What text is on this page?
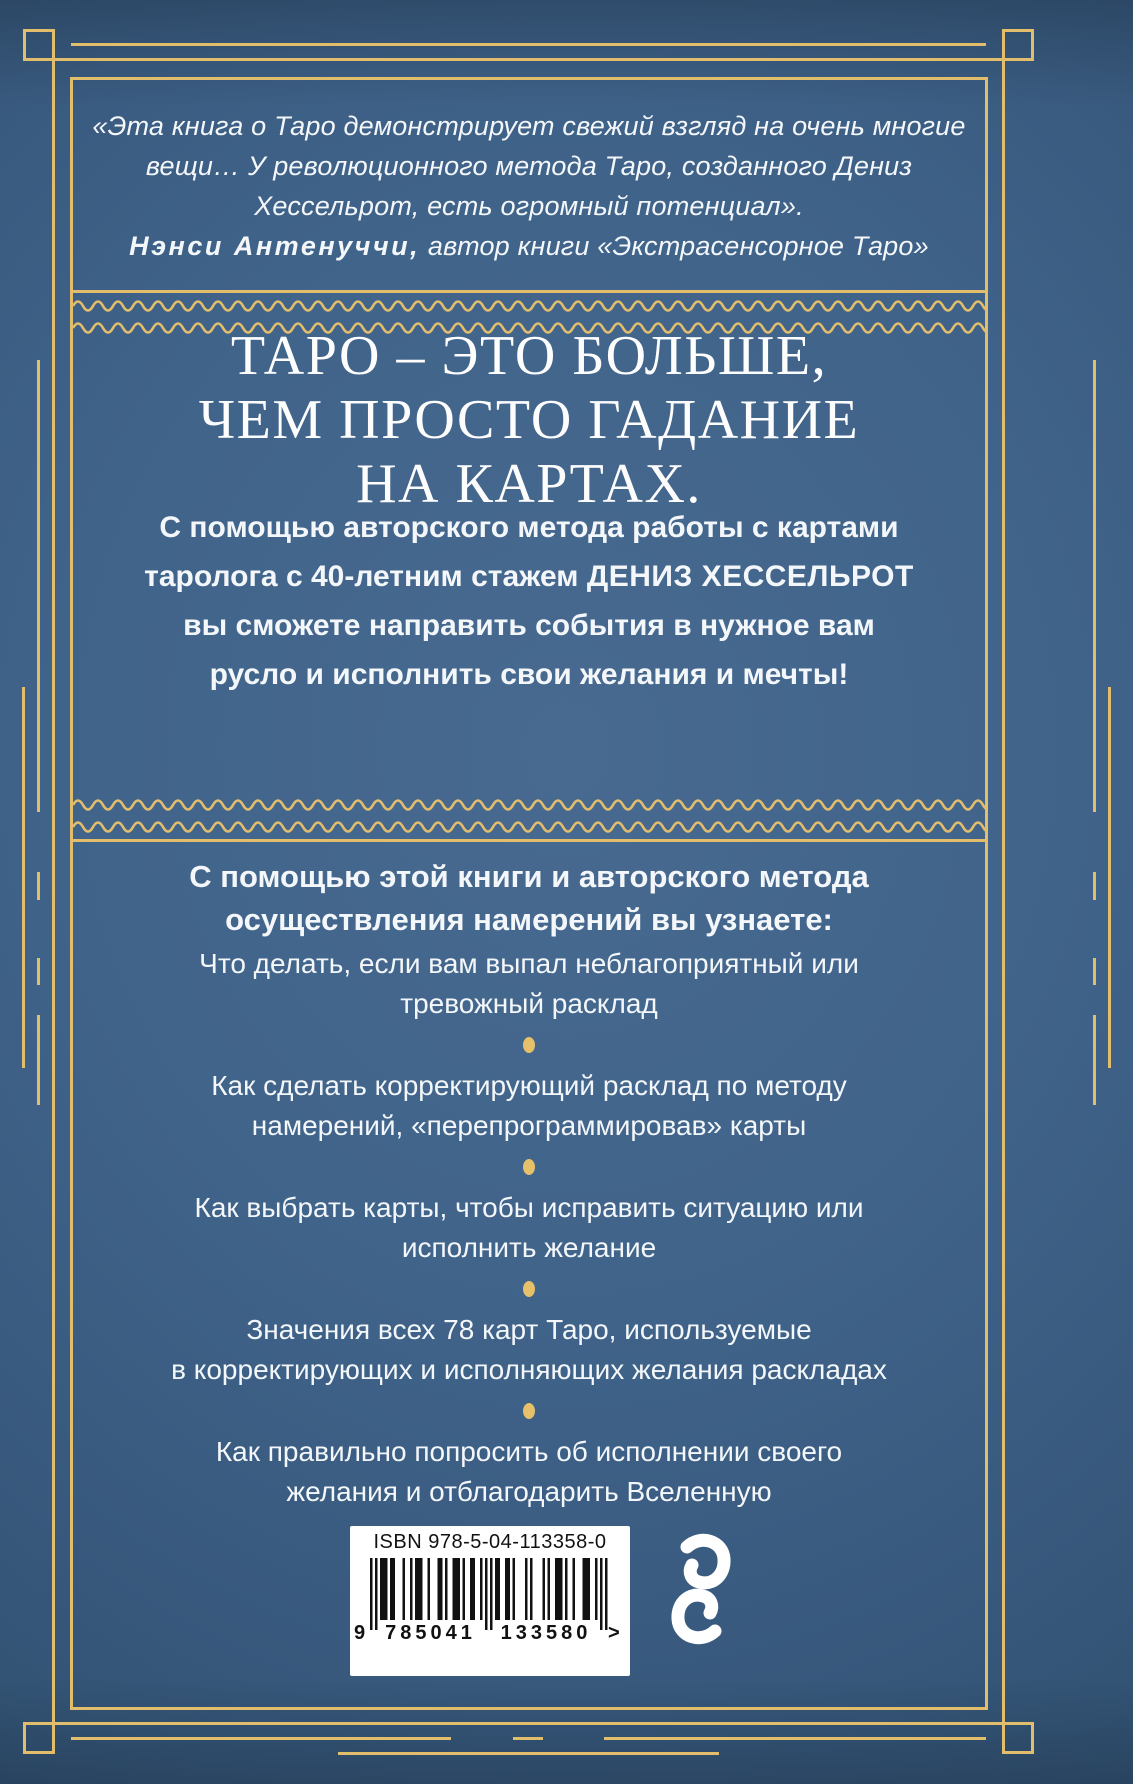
«Эта книга о Таро демонстрирует свежий взгляд на очень многие
вещи… У революционного метода Таро, созданного Дениз
Хессельрот, есть огромный потенциал».
Нэнси Антенуччи, автор книги «Экстрасенсорное Таро»
ТАРО – ЭТО БОЛЬШЕ,
ЧЕМ ПРОСТО ГАДАНИЕ
НА КАРТАХ.
С помощью авторского метода работы с картами
таролога с 40-летним стажем ДЕНИЗ ХЕССЕЛЬРОТ
вы сможете направить события в нужное вам
русло и исполнить свои желания и мечты!
С помощью этой книги и авторского метода
осуществления намерений вы узнаете:
Что делать, если вам выпал неблагоприятный или
тревожный расклад
Как сделать корректирующий расклад по методу
намерений, «перепрограммировав» карты
Как выбрать карты, чтобы исправить ситуацию или
исполнить желание
Значения всех 78 карт Таро, используемые
в корректирующих и исполняющих желания раскладах
Как правильно попросить об исполнении своего
желания и отблагодарить Вселенную
ISBN 978-5-04-113358-0
9	785041	133580 >
